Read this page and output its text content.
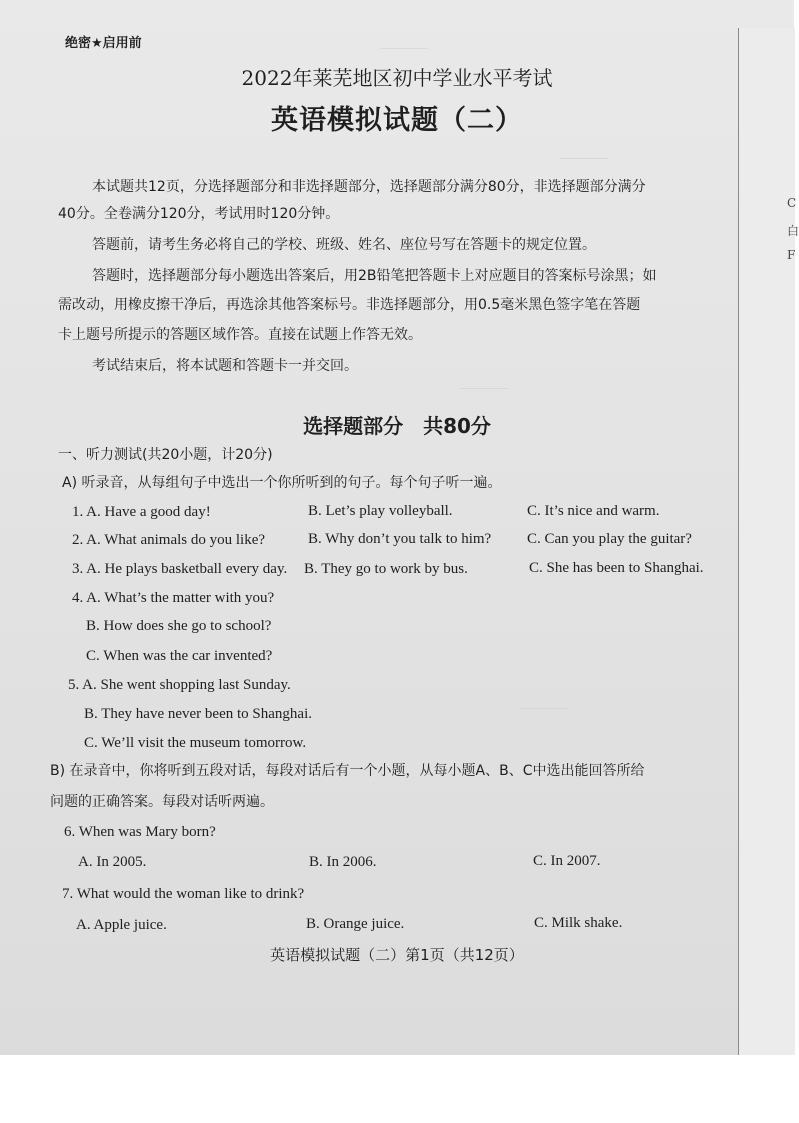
————
————
————
————
C
白
F
绝密★启用前
2022年莱芜地区初中学业水平考试
英语模拟试题（二）
本试题共12页，分选择题部分和非选择题部分，选择题部分满分80分，非选择题部分满分
40分。全卷满分120分，考试用时120分钟。
答题前，请考生务必将自己的学校、班级、姓名、座位号写在答题卡的规定位置。
答题时，选择题部分每小题选出答案后，用2B铅笔把答题卡上对应题目的答案标号涂黑；如
需改动，用橡皮擦干净后，再选涂其他答案标号。非选择题部分，用0.5毫米黑色签字笔在答题
卡上题号所提示的答题区域作答。直接在试题上作答无效。
考试结束后，将本试题和答题卡一并交回。
选择题部分　共80分
一、听力测试(共20小题，计20分)
A) 听录音，从每组句子中选出一个你所听到的句子。每个句子听一遍。
1. A. Have a good day!	B. Let’s play volleyball.	C. It’s nice and warm.
2. A. What animals do you like?	B. Why don’t you talk to him? C. Can you play the guitar?
3. A. He plays basketball every day. B. They go to work by bus.	C. She has been to Shanghai.
4. A. What’s the matter with you?
B. How does she go to school?
C. When was the car invented?
5. A. She went shopping last Sunday.
B. They have never been to Shanghai.
C. We’ll visit the museum tomorrow.
B) 在录音中，你将听到五段对话，每段对话后有一个小题，从每小题A、B、C中选出能回答所给
问题的正确答案。每段对话听两遍。
6. When was Mary born?
A. In 2005.	B. In 2006.	C. In 2007.
7. What would the woman like to drink?
A. Apple juice.	B. Orange juice.	C. Milk shake.
英语模拟试题（二）第1页（共12页）
